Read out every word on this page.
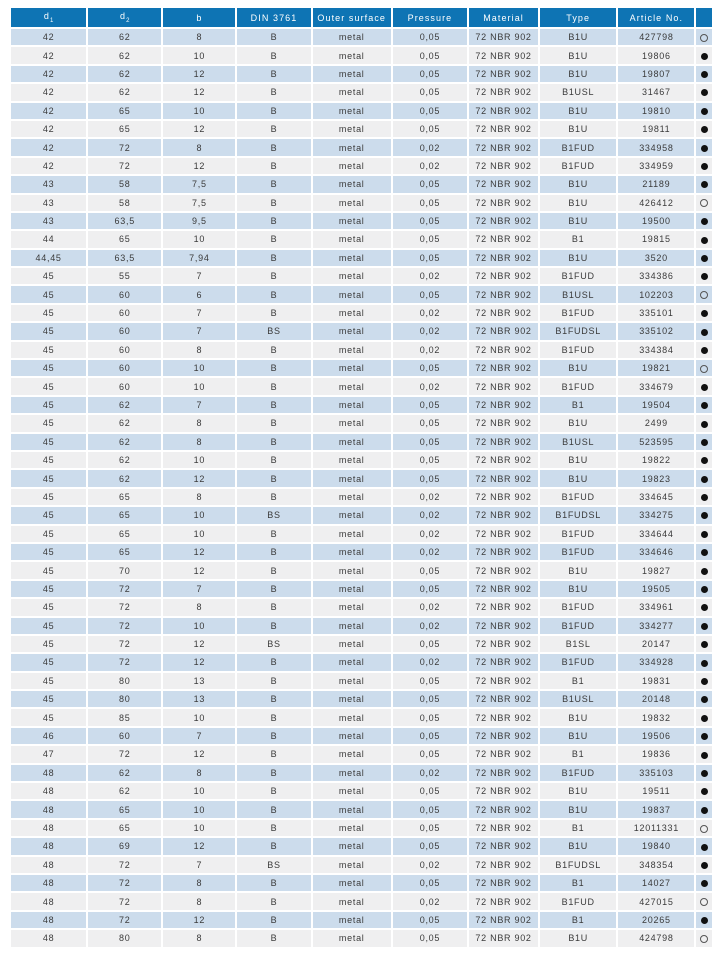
$d_1$	$d_2$	b	DIN 3761	Outer surface	Pressure	Material	Type	Article No.	
42	62	8	B	metal	0,05	72 NBR 902	B1U	427798	
42	62	10	B	metal	0,05	72 NBR 902	B1U	19806	
42	62	12	B	metal	0,05	72 NBR 902	B1U	19807	
42	62	12	B	metal	0,05	72 NBR 902	B1USL	31467	
42	65	10	B	metal	0,05	72 NBR 902	B1U	19810	
42	65	12	B	metal	0,05	72 NBR 902	B1U	19811	
42	72	8	B	metal	0,02	72 NBR 902	B1FUD	334958	
42	72	12	B	metal	0,02	72 NBR 902	B1FUD	334959	
43	58	7,5	B	metal	0,05	72 NBR 902	B1U	21189	
43	58	7,5	B	metal	0,05	72 NBR 902	B1U	426412	
43	63,5	9,5	B	metal	0,05	72 NBR 902	B1U	19500	
44	65	10	B	metal	0,05	72 NBR 902	B1	19815	
44,45	63,5	7,94	B	metal	0,05	72 NBR 902	B1U	3520	
45	55	7	B	metal	0,02	72 NBR 902	B1FUD	334386	
45	60	6	B	metal	0,05	72 NBR 902	B1USL	102203	
45	60	7	B	metal	0,02	72 NBR 902	B1FUD	335101	
45	60	7	BS	metal	0,02	72 NBR 902	B1FUDSL	335102	
45	60	8	B	metal	0,02	72 NBR 902	B1FUD	334384	
45	60	10	B	metal	0,05	72 NBR 902	B1U	19821	
45	60	10	B	metal	0,02	72 NBR 902	B1FUD	334679	
45	62	7	B	metal	0,05	72 NBR 902	B1	19504	
45	62	8	B	metal	0,05	72 NBR 902	B1U	2499	
45	62	8	B	metal	0,05	72 NBR 902	B1USL	523595	
45	62	10	B	metal	0,05	72 NBR 902	B1U	19822	
45	62	12	B	metal	0,05	72 NBR 902	B1U	19823	
45	65	8	B	metal	0,02	72 NBR 902	B1FUD	334645	
45	65	10	BS	metal	0,02	72 NBR 902	B1FUDSL	334275	
45	65	10	B	metal	0,02	72 NBR 902	B1FUD	334644	
45	65	12	B	metal	0,02	72 NBR 902	B1FUD	334646	
45	70	12	B	metal	0,05	72 NBR 902	B1U	19827	
45	72	7	B	metal	0,05	72 NBR 902	B1U	19505	
45	72	8	B	metal	0,02	72 NBR 902	B1FUD	334961	
45	72	10	B	metal	0,02	72 NBR 902	B1FUD	334277	
45	72	12	BS	metal	0,05	72 NBR 902	B1SL	20147	
45	72	12	B	metal	0,02	72 NBR 902	B1FUD	334928	
45	80	13	B	metal	0,05	72 NBR 902	B1	19831	
45	80	13	B	metal	0,05	72 NBR 902	B1USL	20148	
45	85	10	B	metal	0,05	72 NBR 902	B1U	19832	
46	60	7	B	metal	0,05	72 NBR 902	B1U	19506	
47	72	12	B	metal	0,05	72 NBR 902	B1	19836	
48	62	8	B	metal	0,02	72 NBR 902	B1FUD	335103	
48	62	10	B	metal	0,05	72 NBR 902	B1U	19511	
48	65	10	B	metal	0,05	72 NBR 902	B1U	19837	
48	65	10	B	metal	0,05	72 NBR 902	B1	12011331	
48	69	12	B	metal	0,05	72 NBR 902	B1U	19840	
48	72	7	BS	metal	0,02	72 NBR 902	B1FUDSL	348354	
48	72	8	B	metal	0,05	72 NBR 902	B1	14027	
48	72	8	B	metal	0,02	72 NBR 902	B1FUD	427015	
48	72	12	B	metal	0,05	72 NBR 902	B1	20265	
48	80	8	B	metal	0,05	72 NBR 902	B1U	424798	
